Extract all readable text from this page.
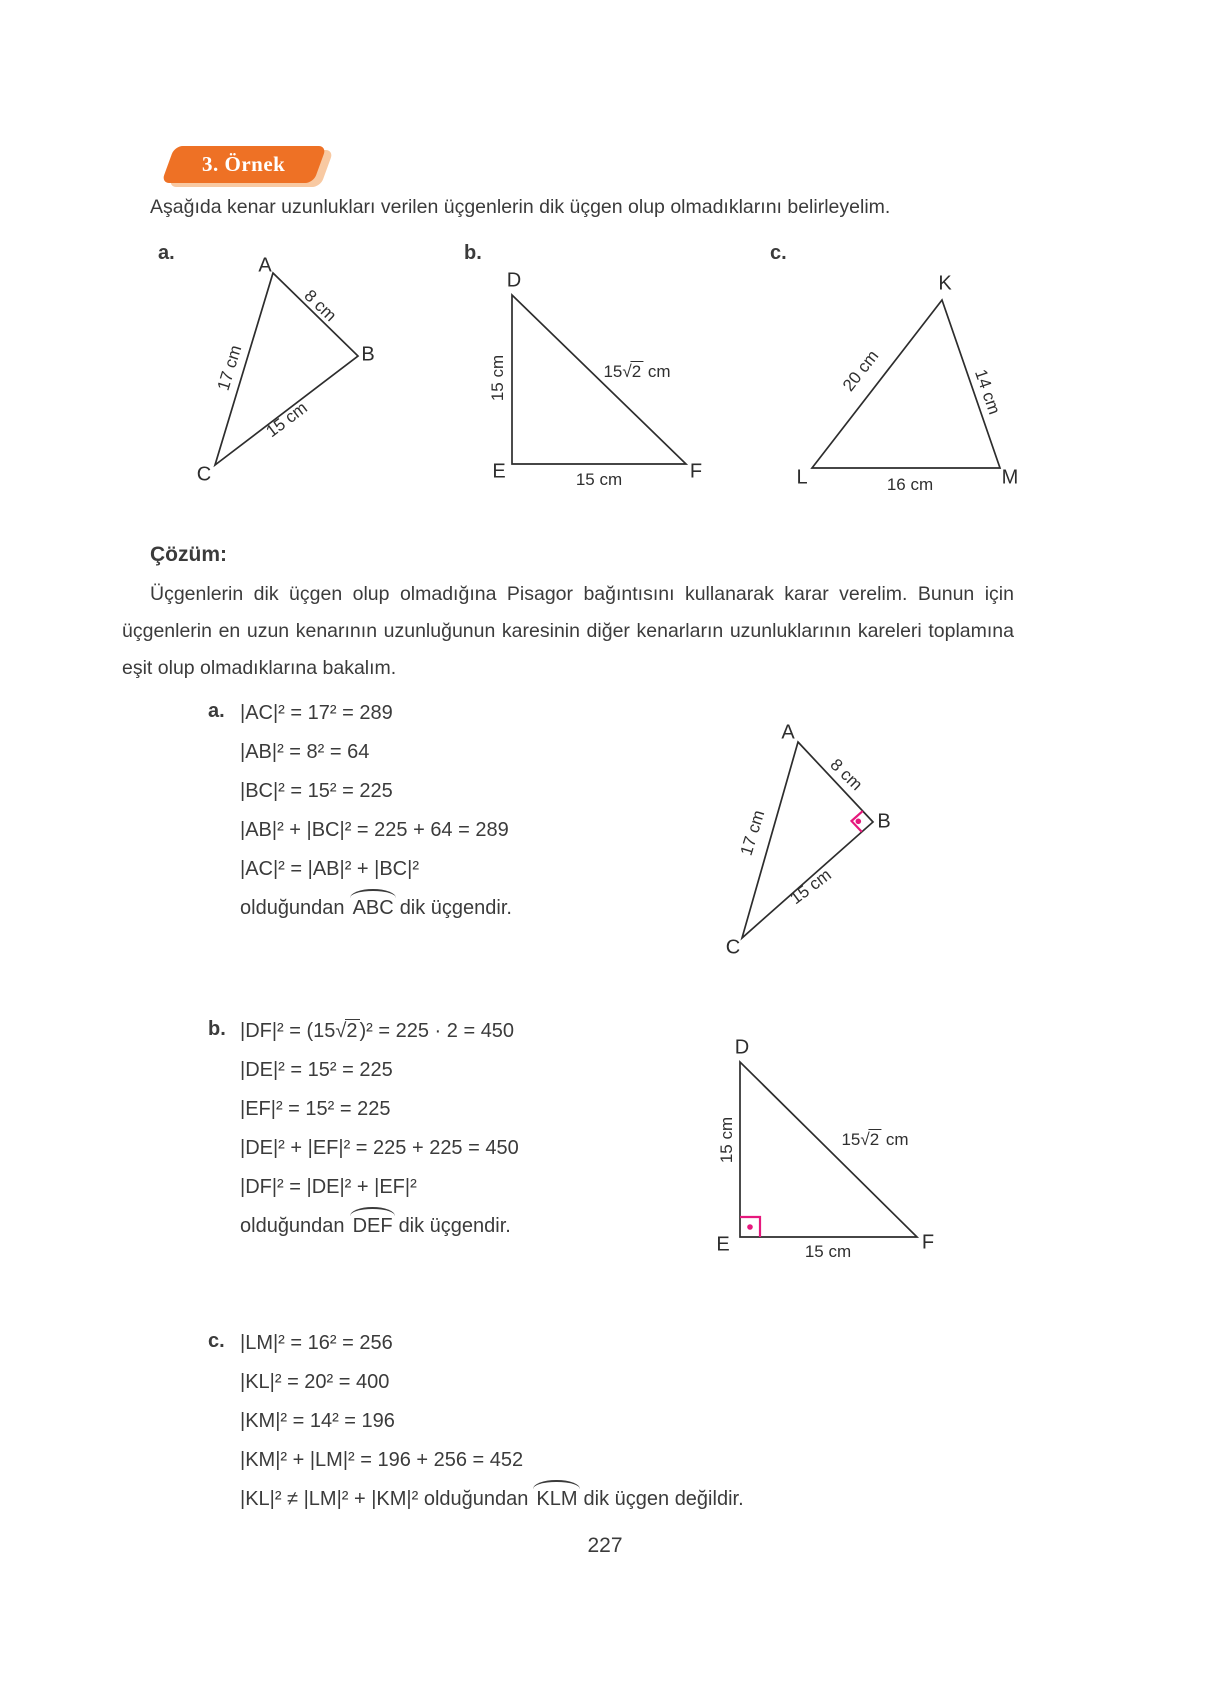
3. Örnek
Aşağıda kenar uzunlukları verilen üçgenlerin dik üçgen olup olmadıklarını belirleyelim.
a.
A
B
C
8 cm
17 cm
15 cm
b.
D
E	F
15 cm	15√2 cm
15 cm
c.
K
L	M
20 cm	14 cm
16 cm
Çözüm:
Üçgenlerin dik üçgen olup olmadığına Pisagor bağıntısını kullanarak karar verelim. Bunun için üçgenlerin en uzun kenarının uzunluğunun karesinin diğer kenarların uzunluklarının kareleri toplamına eşit olup olmadıklarına bakalım.
a. |AC|² = 17² = 289
|AB|² = 8² = 64
|BC|² = 15² = 225
|AB|² + |BC|² = 225 + 64 = 289
|AC|² = |AB|² + |BC|²
olduğundan ABC dik üçgendir.
A
B
C
8 cm
17 cm
15 cm
b. |DF|² = (15√2 )² = 225 · 2 = 450
|DE|² = 15² = 225
|EF|² = 15² = 225
|DE|² + |EF|² = 225 + 225 = 450
|DF|² = |DE|² + |EF|²
olduğundan DEF dik üçgendir.
D
E	F
15 cm	15√2 cm
15 cm
c. |LM|² = 16² = 256
|KL|² = 20² = 400
|KM|² = 14² = 196
|KM|² + |LM|² = 196 + 256 = 452
|KL|² ≠ |LM|² + |KM|² olduğundan KLM dik üçgen değildir.
227
